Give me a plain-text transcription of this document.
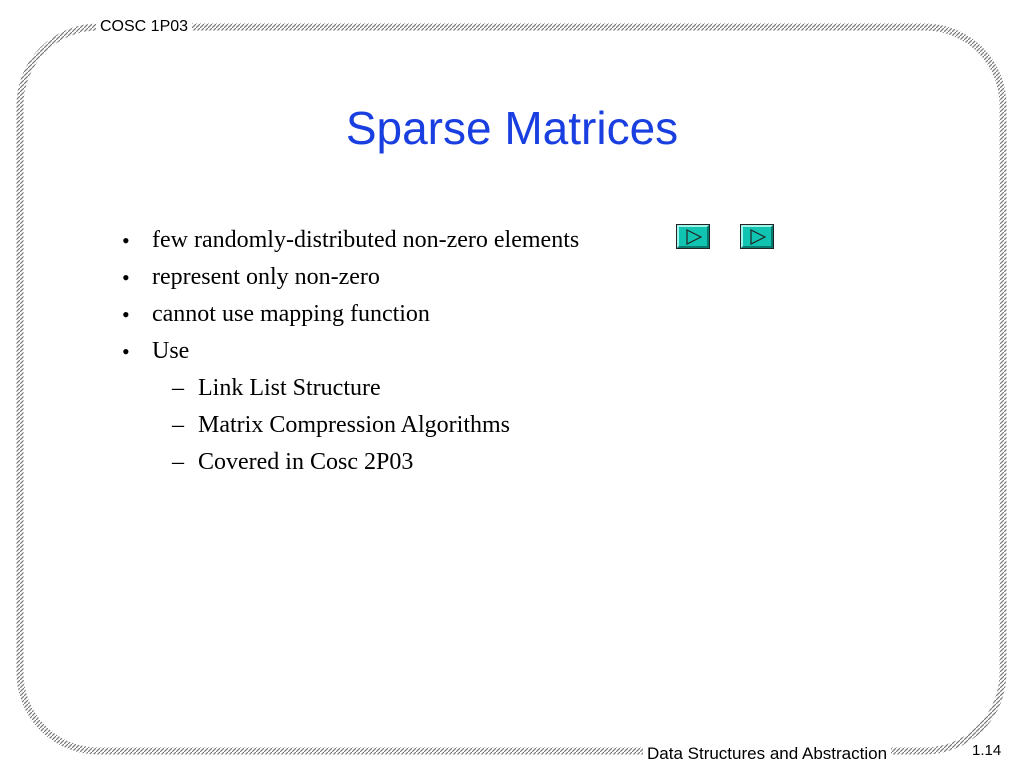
COSC 1P03
Sparse Matrices
• few randomly-distributed non-zero elements
• represent only non-zero
• cannot use mapping function
• Use
– Link List Structure
– Matrix Compression Algorithms
– Covered in Cosc 2P03
Data Structures and Abstraction	1.14
